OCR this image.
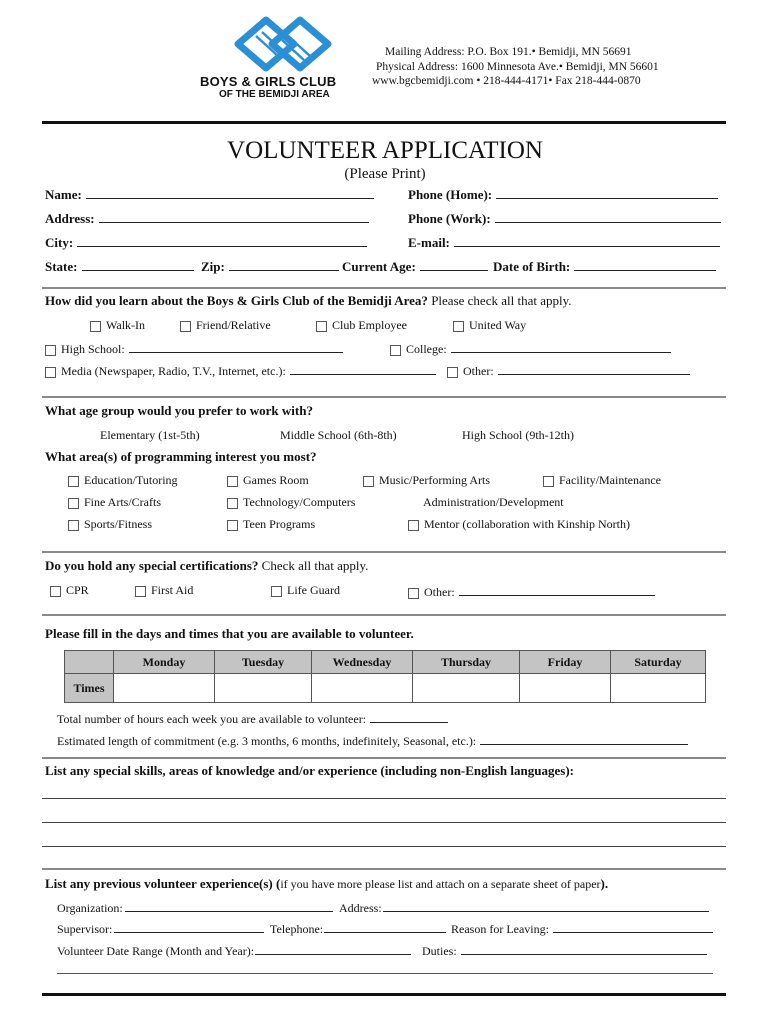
BOYS & GIRLS CLUB
OF THE BEMIDJI AREA
Mailing Address: P.O. Box 191.• Bemidji, MN 56691
Physical Address: 1600 Minnesota Ave.• Bemidji, MN 56601
www.bgcbemidji.com • 218-444-4171• Fax 218-444-0870
VOLUNTEER APPLICATION
(Please Print)
Name:	Phone (Home):
Address:	Phone (Work):
City:	E-mail:
State:	Zip:	Current Age:	Date of Birth:
How did you learn about the Boys & Girls Club of the Bemidji Area? Please check all that apply.
Walk-In	Friend/Relative	Club Employee	United Way
High School:	College:
Media (Newspaper, Radio, T.V., Internet, etc.):	Other:
What age group would you prefer to work with?
Elementary (1st-5th)	Middle School (6th-8th)	High School (9th-12th)
What area(s) of programming interest you most?
Education/Tutoring	Games Room	Music/Performing Arts	Facility/Maintenance
Fine Arts/Crafts	Technology/Computers	Administration/Development
Sports/Fitness	Teen Programs	Mentor (collaboration with Kinship North)
Do you hold any special certifications? Check all that apply.
CPR	First Aid	Life Guard	Other:
Please fill in the days and times that you are available to volunteer.
	Monday	Tuesday	Wednesday	Thursday	Friday	Saturday
Times						
Total number of hours each week you are available to volunteer:
Estimated length of commitment (e.g. 3 months, 6 months, indefinitely, Seasonal, etc.):
List any special skills, areas of knowledge and/or experience (including non-English languages):
List any previous volunteer experience(s) (if you have more please list and attach on a separate sheet of paper).
Organization:	Address:
Supervisor:	Telephone:	Reason for Leaving:
Volunteer Date Range (Month and Year):	Duties:
